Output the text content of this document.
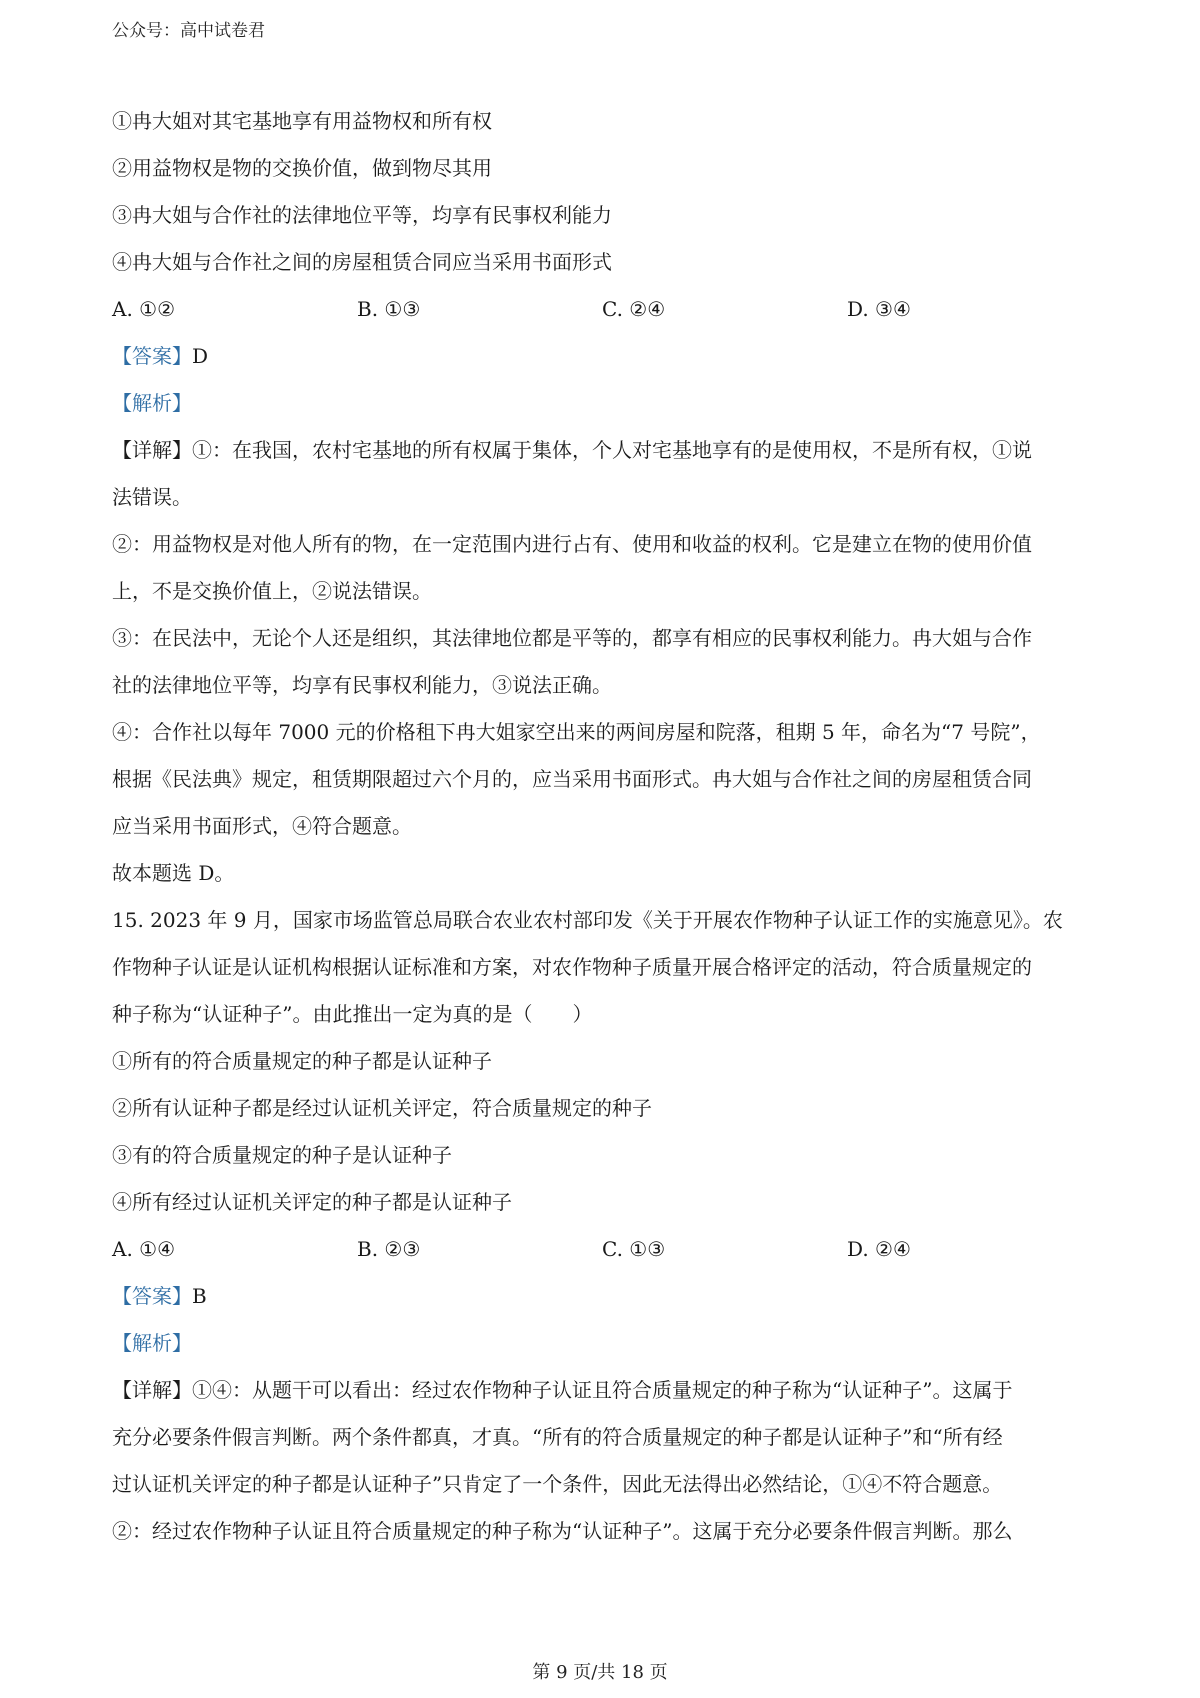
公众号：高中试卷君
①冉大姐对其宅基地享有用益物权和所有权
②用益物权是物的交换价值，做到物尽其用
③冉大姐与合作社的法律地位平等，均享有民事权利能力
④冉大姐与合作社之间的房屋租赁合同应当采用书面形式
A. ①②	B. ①③	C. ②④	D. ③④
【答案】D
【解析】
【详解】①：在我国，农村宅基地的所有权属于集体，个人对宅基地享有的是使用权，不是所有权，①说
法错误。
②：用益物权是对他人所有的物，在一定范围内进行占有、使用和收益的权利。它是建立在物的使用价值
上，不是交换价值上，②说法错误。
③：在民法中，无论个人还是组织，其法律地位都是平等的，都享有相应的民事权利能力。冉大姐与合作
社的法律地位平等，均享有民事权利能力，③说法正确。
④：合作社以每年 7000 元的价格租下冉大姐家空出来的两间房屋和院落，租期 5 年，命名为“7 号院”，
根据《民法典》规定，租赁期限超过六个月的，应当采用书面形式。冉大姐与合作社之间的房屋租赁合同
应当采用书面形式，④符合题意。
故本题选 D。
15. 2023 年 9 月，国家市场监管总局联合农业农村部印发《关于开展农作物种子认证工作的实施意见》。农
作物种子认证是认证机构根据认证标准和方案，对农作物种子质量开展合格评定的活动，符合质量规定的
种子称为“认证种子”。由此推出一定为真的是（　　）
①所有的符合质量规定的种子都是认证种子
②所有认证种子都是经过认证机关评定，符合质量规定的种子
③有的符合质量规定的种子是认证种子
④所有经过认证机关评定的种子都是认证种子
A. ①④	B. ②③	C. ①③	D. ②④
【答案】B
【解析】
【详解】①④：从题干可以看出：经过农作物种子认证且符合质量规定的种子称为“认证种子”。这属于
充分必要条件假言判断。两个条件都真，才真。“所有的符合质量规定的种子都是认证种子”和“所有经
过认证机关评定的种子都是认证种子”只肯定了一个条件，因此无法得出必然结论，①④不符合题意。
②：经过农作物种子认证且符合质量规定的种子称为“认证种子”。这属于充分必要条件假言判断。那么
第 9 页/共 18 页
